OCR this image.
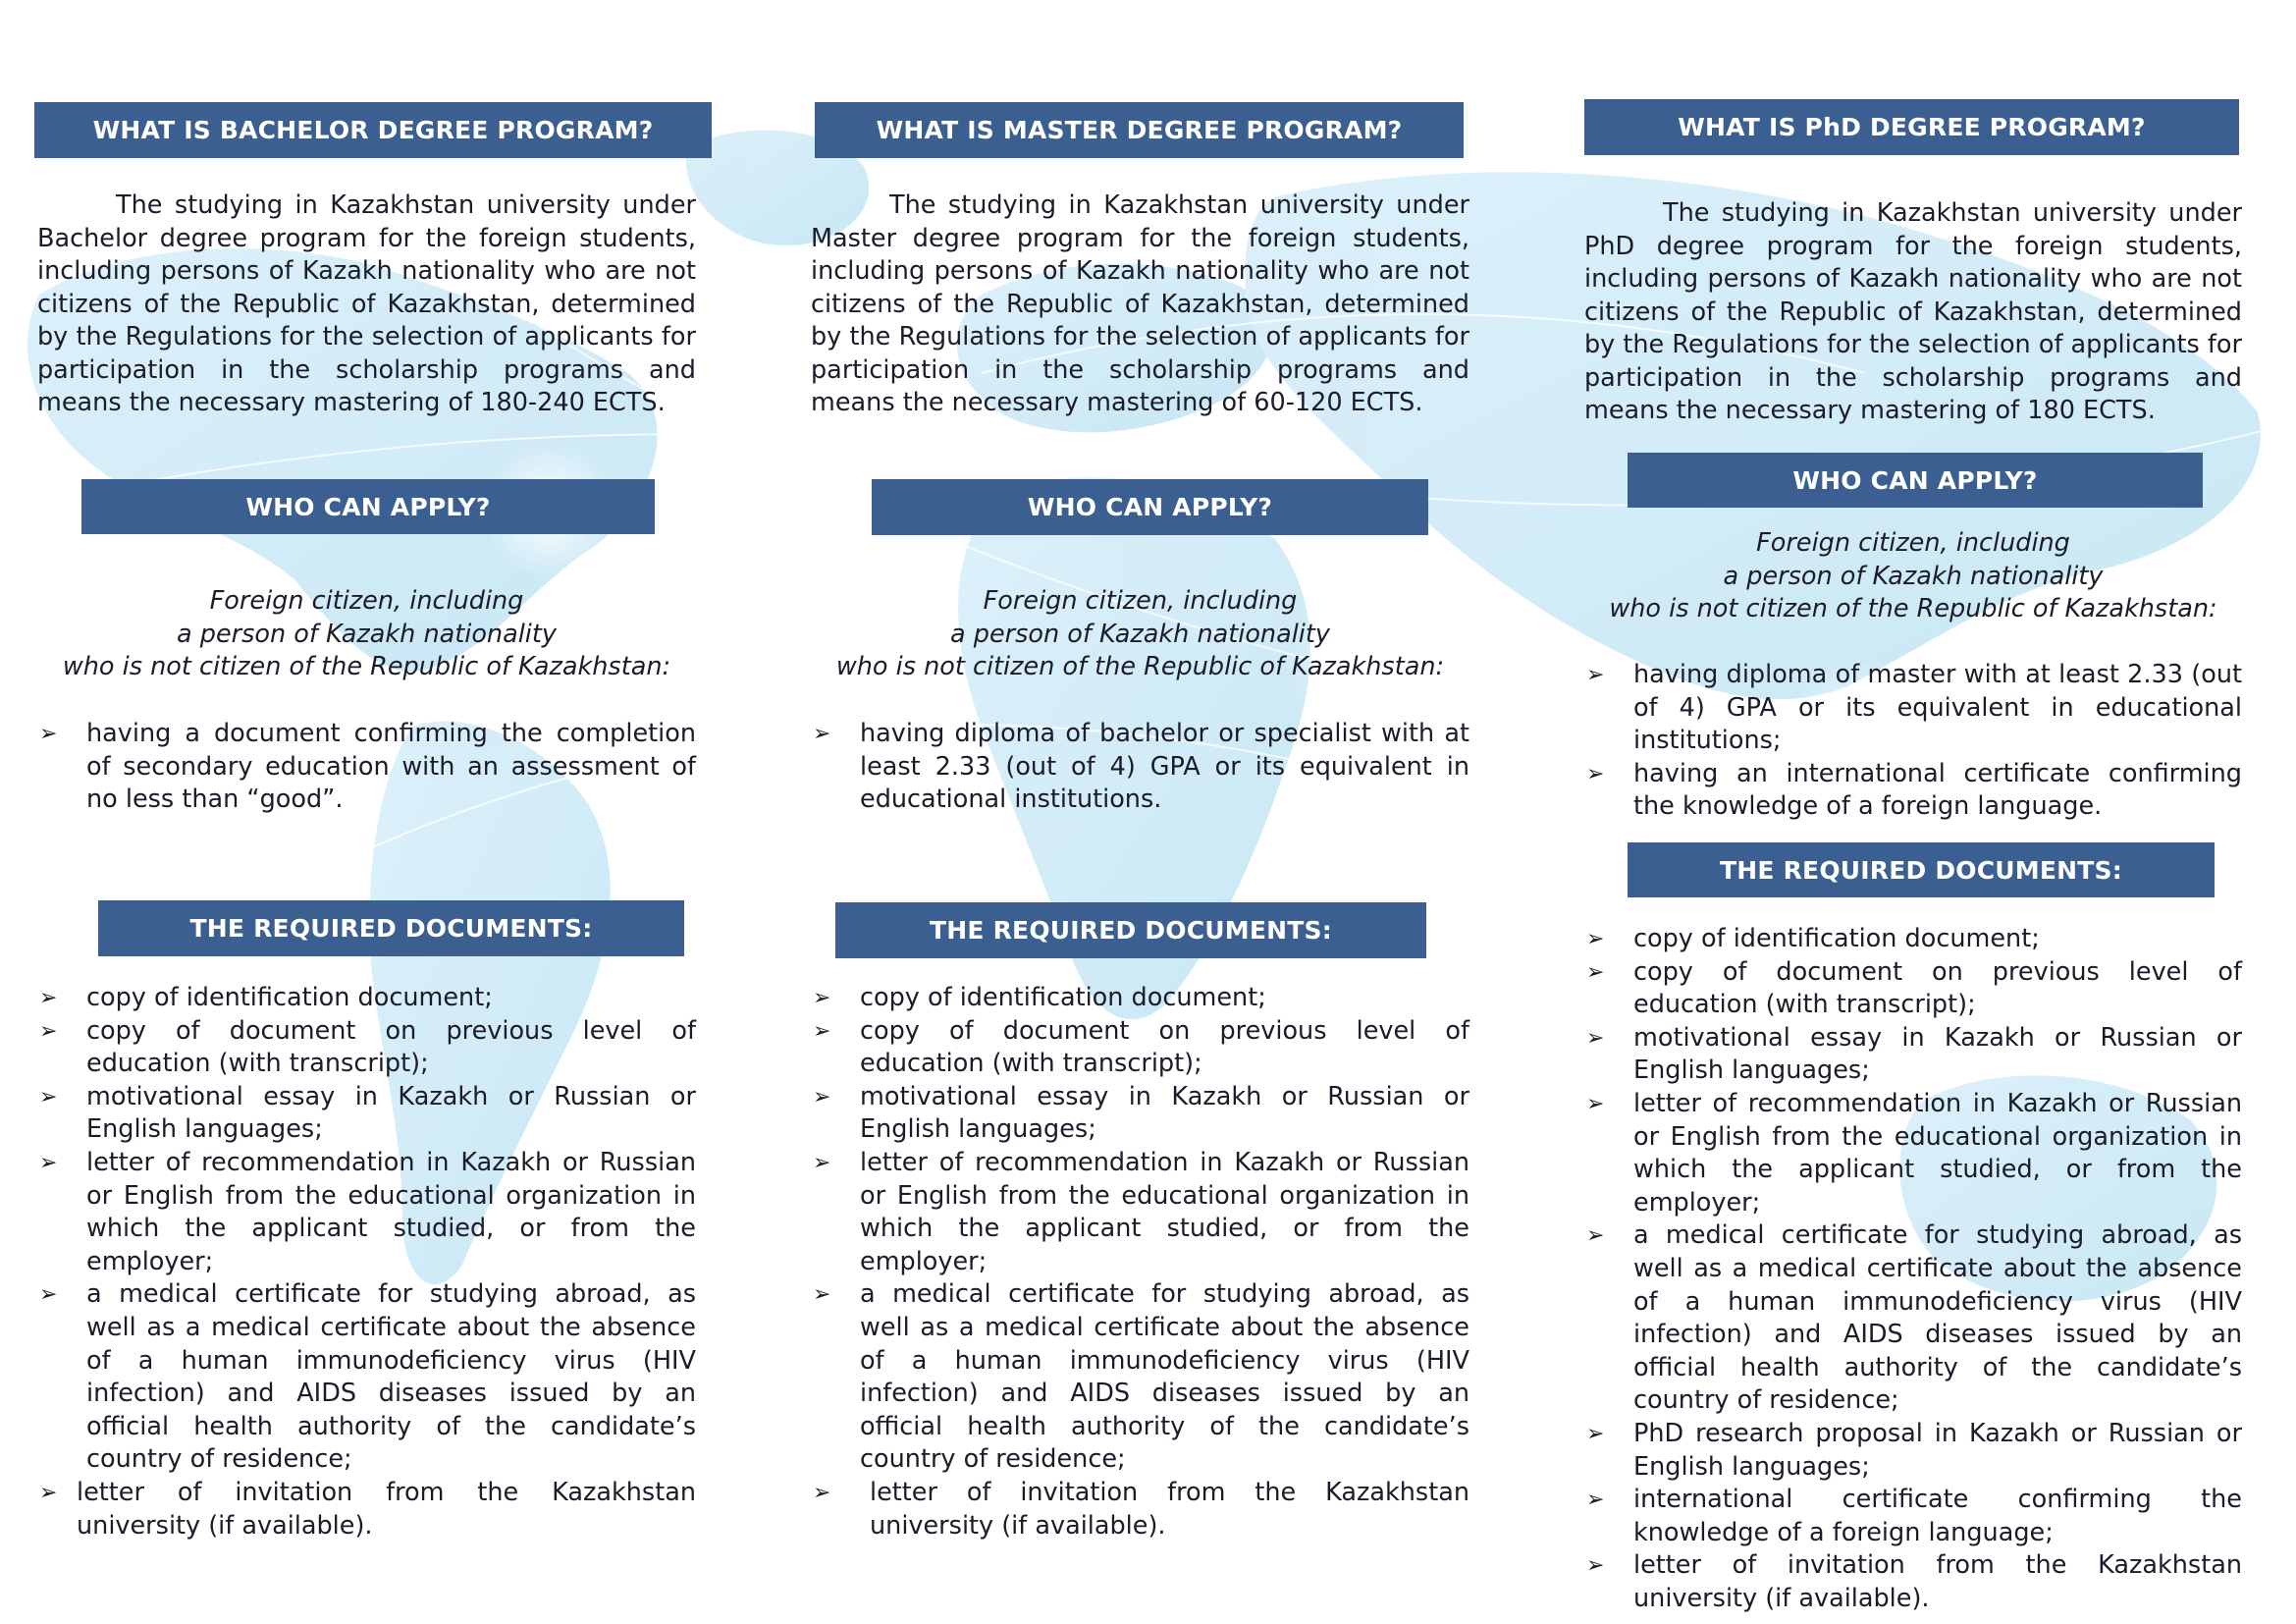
WHAT IS BACHELOR DEGREE PROGRAM?

The studying in Kazakhstan university under Bachelor degree program for the foreign students, including persons of Kazakh nationality who are not citizens of the Republic of Kazakhstan, determined by the Regulations for the selection of applicants for participation in the scholarship programs and means the necessary mastering of 180-240 ECTS.

WHO CAN APPLY?
Foreign citizen, including
a person of Kazakh nationality
who is not citizen of the Republic of Kazakhstan:
➢ having a document confirming the completion of secondary education with an assessment of no less than “good”.
THE REQUIRED DOCUMENTS:
➢ copy of identification document;
➢ copy of document on previous level of education (with transcript);
➢ motivational essay in Kazakh or Russian or English languages;
➢ letter of recommendation in Kazakh or Russian or English from the educational organization in which the applicant studied, or from the employer;
➢ a medical certificate for studying abroad, as well as a medical certificate about the absence of a human immunodeficiency virus (HIV infection) and AIDS diseases issued by an official health authority of the candidate’s country of residence;
➢ letter of invitation from the Kazakhstan university (if available).
WHAT IS MASTER DEGREE PROGRAM?

The studying in Kazakhstan university under Master degree program for the foreign students, including persons of Kazakh nationality who are not citizens of the Republic of Kazakhstan, determined by the Regulations for the selection of applicants for participation in the scholarship programs and means the necessary mastering of 60-120 ECTS.

WHO CAN APPLY?
Foreign citizen, including
a person of Kazakh nationality
who is not citizen of the Republic of Kazakhstan:
➢ having diploma of bachelor or specialist with at least 2.33 (out of 4) GPA or its equivalent in educational institutions.
THE REQUIRED DOCUMENTS:
➢ copy of identification document;
➢ copy of document on previous level of education (with transcript);
➢ motivational essay in Kazakh or Russian or English languages;
➢ letter of recommendation in Kazakh or Russian or English from the educational organization in which the applicant studied, or from the employer;
➢ a medical certificate for studying abroad, as well as a medical certificate about the absence of a human immunodeficiency virus (HIV infection) and AIDS diseases issued by an official health authority of the candidate’s country of residence;
➢ letter of invitation from the Kazakhstan university (if available).
WHAT IS PhD DEGREE PROGRAM?

The studying in Kazakhstan university under PhD degree program for the foreign students, including persons of Kazakh nationality who are not citizens of the Republic of Kazakhstan, determined by the Regulations for the selection of applicants for participation in the scholarship programs and means the necessary mastering of 180 ECTS.

WHO CAN APPLY?
Foreign citizen, including
a person of Kazakh nationality
who is not citizen of the Republic of Kazakhstan:
➢ having diploma of master with at least 2.33 (out of 4) GPA or its equivalent in educational institutions;
➢ having an international certificate confirming the knowledge of a foreign language.
THE REQUIRED DOCUMENTS:
➢ copy of identification document;
➢ copy of document on previous level of education (with transcript);
➢ motivational essay in Kazakh or Russian or English languages;
➢ letter of recommendation in Kazakh or Russian or English from the educational organization in which the applicant studied, or from the employer;
➢ a medical certificate for studying abroad, as well as a medical certificate about the absence of a human immunodeficiency virus (HIV infection) and AIDS diseases issued by an official health authority of the candidate’s country of residence;
➢ PhD research proposal in Kazakh or Russian or English languages;
➢ international certificate confirming the knowledge of a foreign language;
➢ letter of invitation from the Kazakhstan university (if available).
